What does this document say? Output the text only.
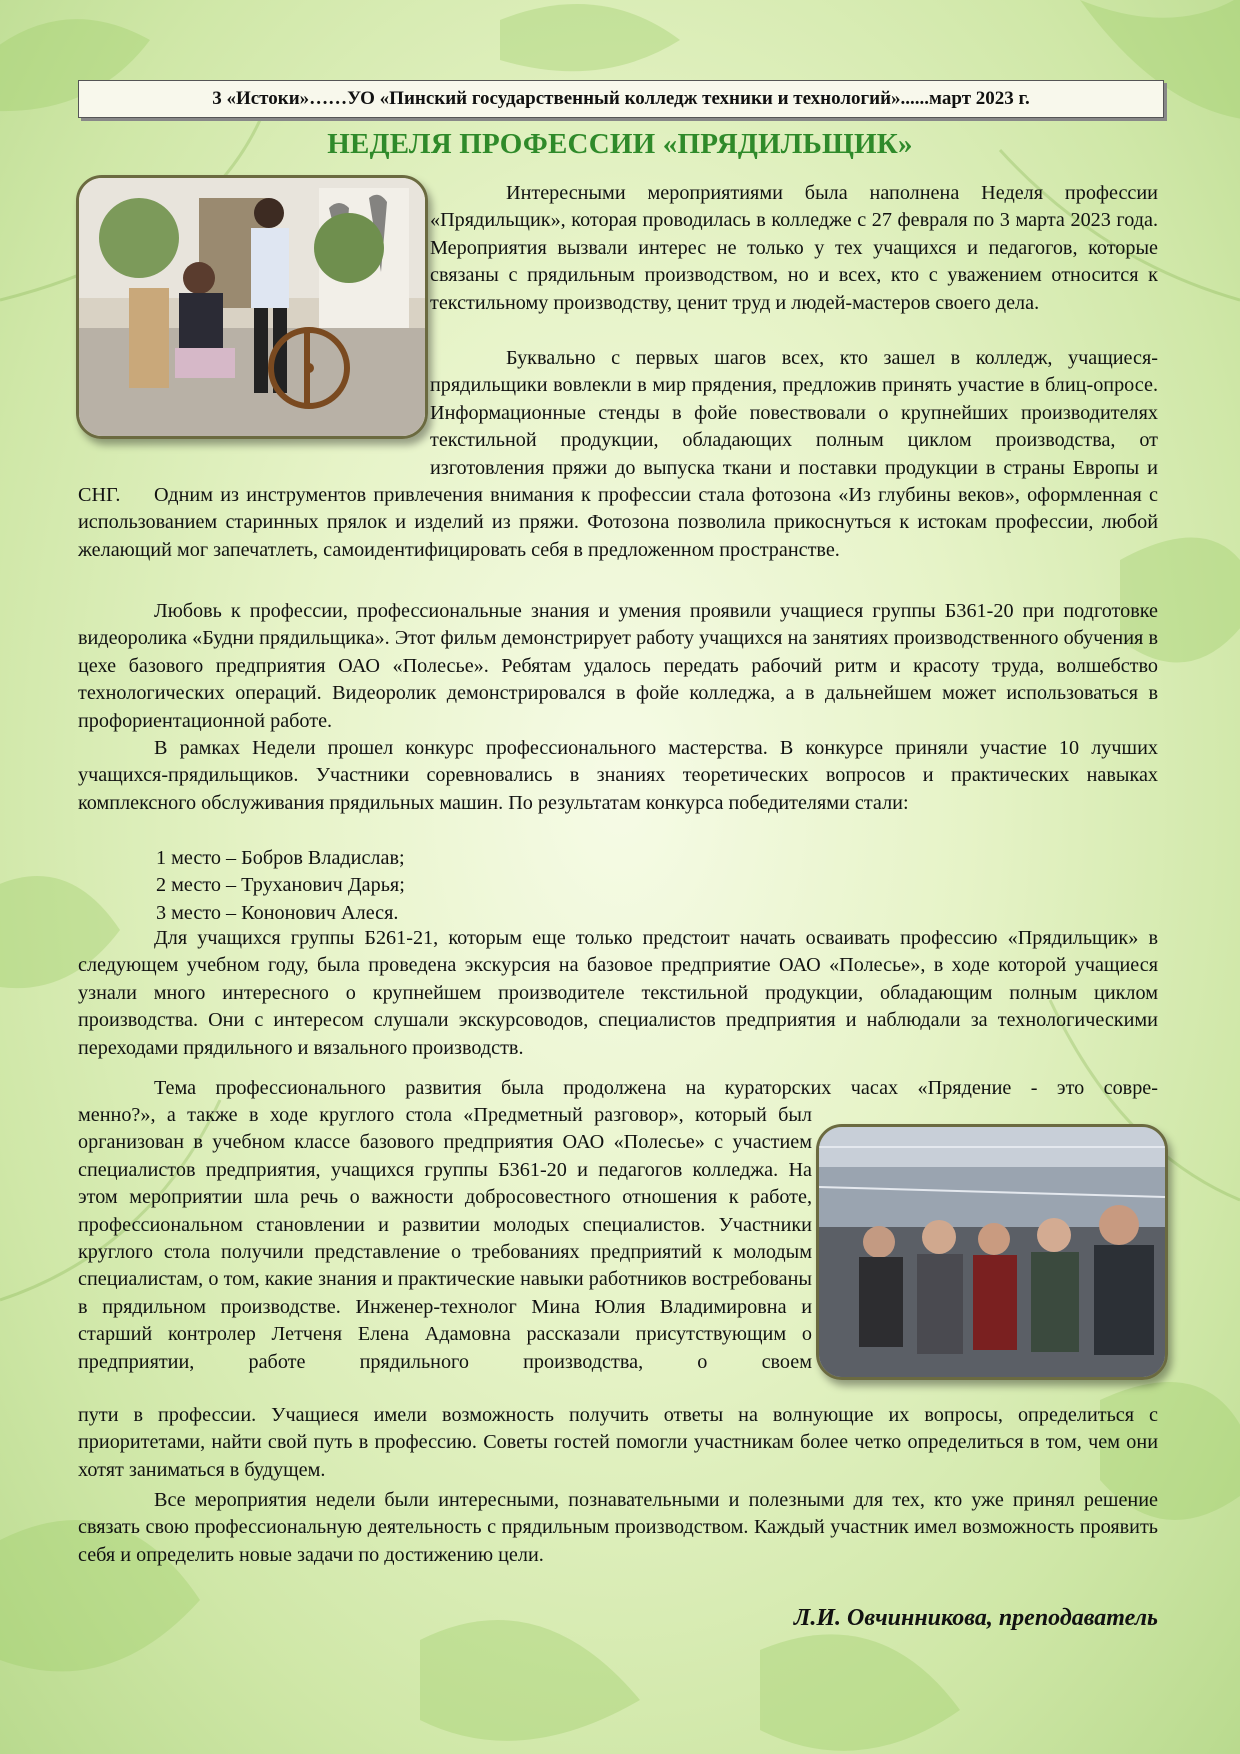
3 «Истоки»……УО «Пинский государственный колледж техники и технологий»......март 2023 г.
НЕДЕЛЯ ПРОФЕССИИ «ПРЯДИЛЬЩИК»
Интересными мероприятиями была наполнена Неделя профессии «Прядильщик», которая проводилась в колледже с 27 февраля по 3 марта 2023 года. Мероприятия вызвали интерес не только у тех учащихся и педагогов, которые связаны с прядильным производством, но и всех, кто с уважением относится к текстильному производству, ценит труд и людей-мастеров своего дела.
Буквально с первых шагов всех, кто зашел в колледж, учащиеся-прядильщики вовлекли в мир прядения, предложив принять участие в блиц-опросе. Информационные стенды в фойе повествовали о крупнейших производителях текстильной продукции, обладающих полным циклом производства, от изготовления пряжи до выпуска ткани и поставки продукции в страны Европы и СНГ.	Одним из инструментов привлечения внимания к профессии стала фотозона «Из глубины веков», оформленная с использованием старинных прялок и изделий из пряжи. Фотозона позволила прикоснуться к истокам профессии, любой желающий мог запечатлеть, самоидентифицировать себя в предложенном пространстве.
Любовь к профессии, профессиональные знания и умения проявили учащиеся группы Б361-20 при подготовке видеоролика «Будни прядильщика». Этот фильм демонстрирует работу учащихся на занятиях производственного обучения в цехе базового предприятия ОАО «Полесье». Ребятам удалось передать рабочий ритм и красоту труда, волшебство технологических операций. Видеоролик демонстрировался в фойе колледжа, а в дальнейшем может использоваться в профориентационной работе.
В рамках Недели прошел конкурс профессионального мастерства. В конкурсе приняли участие 10 лучших учащихся-прядильщиков. Участники соревновались в знаниях теоретических вопросов и практических навыках комплексного обслуживания прядильных машин. По результатам конкурса победителями стали:
1 место – Бобров Владислав;
2 место – Труханович Дарья;
3 место – Кононович Алеся.
Для учащихся группы Б261-21, которым еще только предстоит начать осваивать профессию «Прядильщик» в следующем учебном году, была проведена экскурсия на базовое предприятие ОАО «Полесье», в ходе которой учащиеся узнали много интересного о крупнейшем производителе текстильной продукции, обладающим полным циклом производства. Они с интересом слушали экскурсоводов, специалистов предприятия и наблюдали за технологическими переходами прядильного и вязального производств.
Тема профессионального развития была продолжена на кураторских часах «Прядение - это совре-
менно?», а также в ходе круглого стола «Предметный разговор», который был организован в учебном классе базового предприятия ОАО «Полесье» с участием специалистов предприятия, учащихся группы Б361-20 и педагогов колледжа. На этом мероприятии шла речь о важности добросовестного отношения к работе, профессиональном становлении и развитии молодых специалистов. Участники круглого стола получили представление о требованиях предприятий к молодым специалистам, о том, какие знания и практические навыки работников востребованы в прядильном производстве. Инженер-технолог Мина Юлия Владимировна и старший контролер Летченя Елена Адамовна рассказали присутствующим о предприятии, работе прядильного производства, о своем
пути в профессии. Учащиеся имели возможность получить ответы на волнующие их вопросы, определиться с приоритетами, найти свой путь в профессию. Советы гостей помогли участникам более четко определиться в том, чем они хотят заниматься в будущем.
Все мероприятия недели были интересными, познавательными и полезными для тех, кто уже принял решение связать свою профессиональную деятельность с прядильным производством. Каждый участник имел возможность проявить себя и определить новые задачи по достижению цели.
Л.И. Овчинникова, преподаватель
